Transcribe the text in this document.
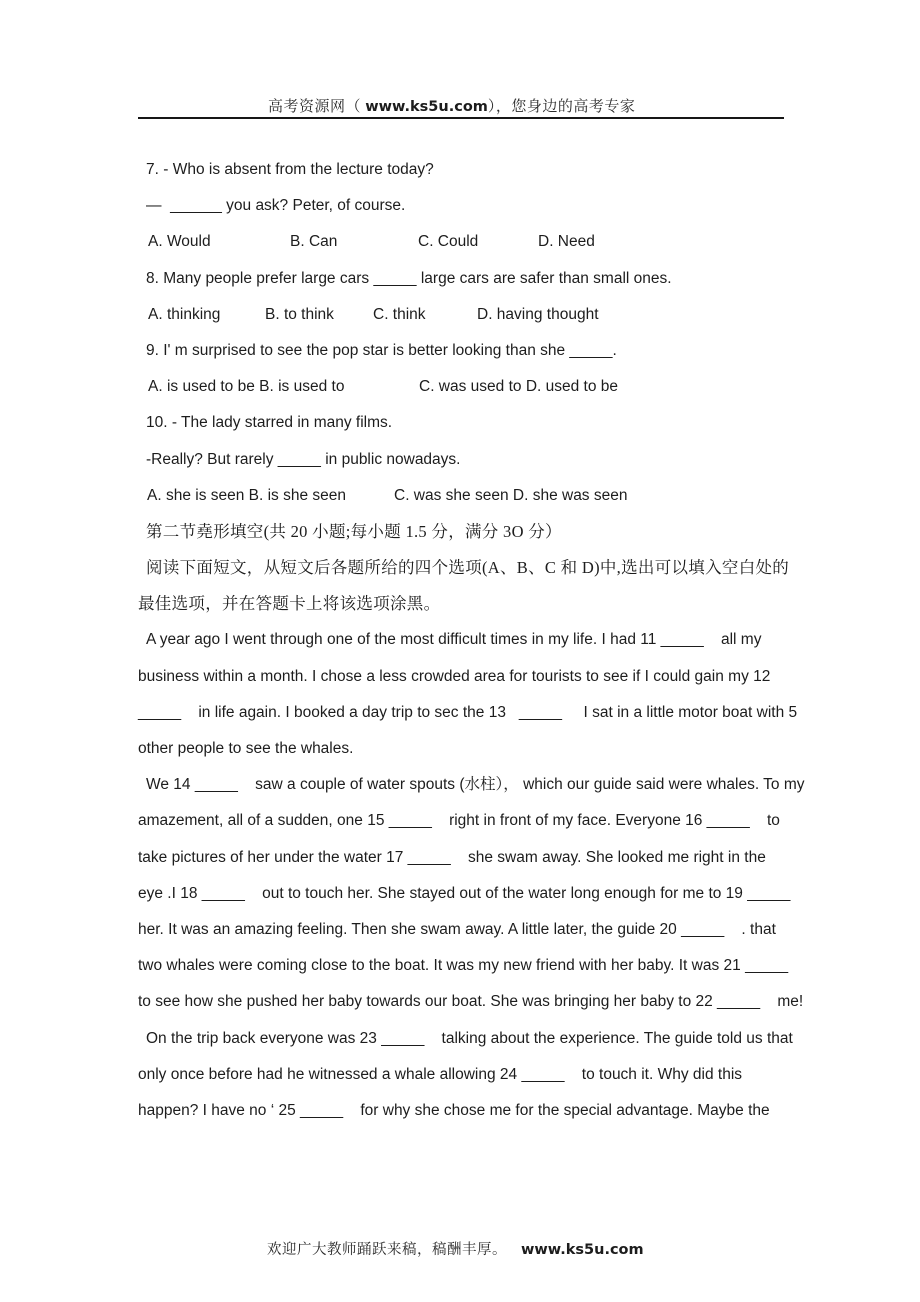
高考资源网（ www.ks5u.com），您身边的高考专家
7. - Who is absent from the lecture today?
—  ______ you ask? Peter, of course.

A. Would

	B. Can

	C. Could

	D. Need

8. Many people prefer large cars _____ large cars are safer than small ones.

A. thinking

	B. to think

	C. think

	D. having thought

9. I' m surprised to see the pop star is better looking than she _____.

A. is used to be B. is used to

	C. was used to D. used to be

10. - The lady starred in many films.
-Really? But rarely _____ in public nowadays.

A. she is seen B. is she seen

	C. was she seen D. she was seen

第二节堯形填空(共 20 小题;每小题 1.5 分，满分 3O 分）
阅读下面短文，从短文后各题所给的四个选项(A、B、C 和 D)中,选出可以填入空白处的
最佳选项，并在答题卡上将该选项涂黑。
A year ago I went through one of the most difficult times in my life. I had 11 _____    all my
business within a month. I chose a less crowded area for tourists to see if I could gain my 12
_____    in life again. I booked a day trip to sec the 13   _____     I sat in a little motor boat with 5
other people to see the whales.
We 14 _____    saw a couple of water spouts (水柱）， which our guide said were whales. To my
amazement, all of a sudden, one 15 _____    right in front of my face. Everyone 16 _____    to
take pictures of her under the water 17 _____    she swam away. She looked me right in the
eye .I 18 _____    out to touch her. She stayed out of the water long enough for me to 19 _____
her. It was an amazing feeling. Then she swam away. A little later, the guide 20 _____    . that
two whales were coming close to the boat. It was my new friend with her baby. It was 21 _____
to see how she pushed her baby towards our boat. She was bringing her baby to 22 _____    me!
On the trip back everyone was 23 _____    talking about the experience. The guide told us that
only once before had he witnessed a whale allowing 24 _____    to touch it. Why did this
happen? I have no ‘ 25 _____    for why she chose me for the special advantage. Maybe the
欢迎广大教师踊跃来稿，稿酬丰厚。 www.ks5u.com
